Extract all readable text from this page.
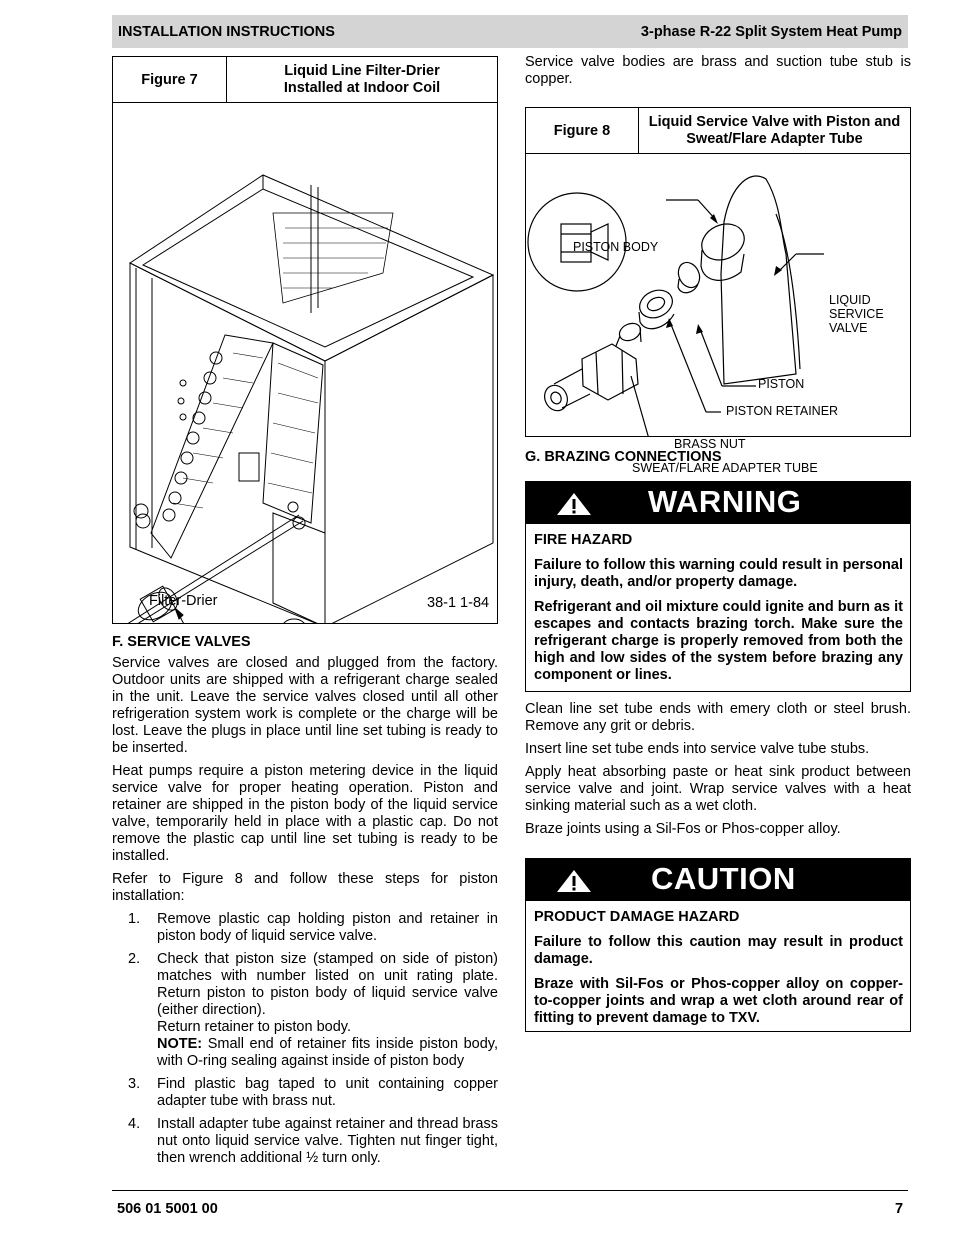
INSTALLATION INSTRUCTIONS	3-phase R-22 Split System Heat Pump
Figure 7
Liquid Line Filter-Drier Installed at Indoor Coil
Filter-Drier	38-1 1-84

F. SERVICE VALVES

Service valves are closed and plugged from the factory. Outdoor units are shipped with a refrigerant charge sealed in the unit. Leave the service valves closed until all other refrigeration system work is complete or the charge will be lost. Leave the plugs in place until line set tubing is ready to be inserted.

Heat pumps require a piston metering device in the liquid service valve for proper heating operation. Piston and retainer are shipped in the piston body of the liquid service valve, temporarily held in place with a plastic cap. Do not remove the plastic cap until line set tubing is ready to be installed.

Refer to Figure 8 and follow these steps for piston installation:

1. Remove plastic cap holding piston and retainer in piston body of liquid service valve.
2. Check that piston size (stamped on side of piston) matches with number listed on unit rating plate. Return piston to piston body of liquid service valve (either direction).
Return retainer to piston body.
NOTE: Small end of retainer fits inside piston body, with O-ring sealing against inside of piston body
3. Find plastic bag taped to unit containing copper adapter tube with brass nut.
4. Install adapter tube against retainer and thread brass nut onto liquid service valve. Tighten nut finger tight, then wrench additional ½ turn only.

Service valve bodies are brass and suction tube stub is copper.

Figure 8
Liquid Service Valve with Piston and Sweat/Flare Adapter Tube
PISTON BODY
LIQUID
SERVICE
VALVE
PISTON
PISTON RETAINER
BRASS NUT
SWEAT/FLARE ADAPTER TUBE

G. BRAZING CONNECTIONS

WARNING

FIRE HAZARD

Failure to follow this warning could result in personal injury, death, and/or property damage.

Refrigerant and oil mixture could ignite and burn as it escapes and contacts brazing torch. Make sure the refrigerant charge is properly removed from both the high and low sides of the system before brazing any component or lines.

Clean line set tube ends with emery cloth or steel brush. Remove any grit or debris.

Insert line set tube ends into service valve tube stubs.

Apply heat absorbing paste or heat sink product between service valve and joint. Wrap service valves with a heat sinking material such as a wet cloth.

Braze joints using a Sil-Fos or Phos-copper alloy.

CAUTION

PRODUCT DAMAGE HAZARD

Failure to follow this caution may result in product damage.

Braze with Sil-Fos or Phos-copper alloy on copper-to-copper joints and wrap a wet cloth around rear of fitting to prevent damage to TXV.

506 01 5001 00	7
